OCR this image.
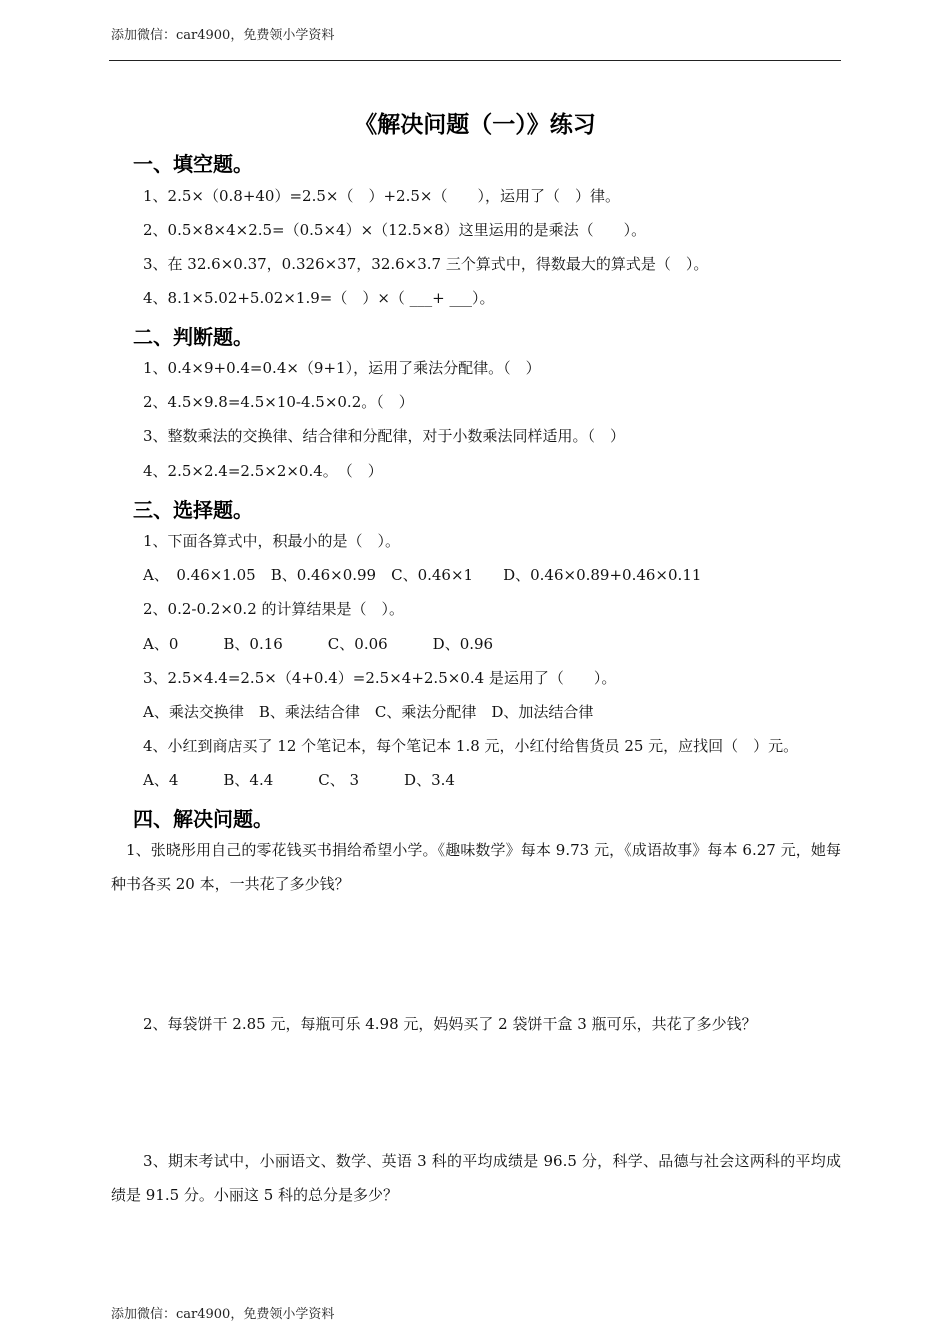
添加微信：car4900，免费领小学资料
《解决问题（一）》练习
一、填空题。
1、2.5×（0.8+40）=2.5×（　）+2.5×（　　），运用了（　）律。
2、0.5×8×4×2.5=（0.5×4）×（12.5×8）这里运用的是乘法（　　）。
3、在 32.6×0.37，0.326×37，32.6×3.7 三个算式中，得数最大的算式是（　）。
4、8.1×5.02+5.02×1.9=（　）×（ ___+ ___）。
二、判断题。
1、0.4×9+0.4=0.4×（9+1），运用了乘法分配律。（　）
2、4.5×9.8=4.5×10-4.5×0.2。（　）
3、整数乘法的交换律、结合律和分配律，对于小数乘法同样适用。（　）
4、2.5×2.4=2.5×2×0.4。　（　）
三、选择题。
1、下面各算式中，积最小的是（　）。
A、　0.46×1.05　B、0.46×0.99　C、0.46×1　　D、0.46×0.89+0.46×0.11
2、0.2-0.2×0.2 的计算结果是（　）。
A、0　　　B、0.16　　　C、0.06　　　D、0.96
3、2.5×4.4=2.5×（4+0.4）=2.5×4+2.5×0.4 是运用了（　　）。
A、乘法交换律　B、乘法结合律　C、乘法分配律　D、加法结合律
4、小红到商店买了 12 个笔记本，每个笔记本 1.8 元，小红付给售货员 25 元，应找回（　）元。
A、4　　　B、4.4　　　C、 3　　　D、3.4
四、解决问题。
1、张晓彤用自己的零花钱买书捐给希望小学。《趣味数学》每本 9.73 元，《成语故事》每本 6.27 元，她每种书各买 20 本，一共花了多少钱？
2、每袋饼干 2.85 元，每瓶可乐 4.98 元，妈妈买了 2 袋饼干盒 3 瓶可乐，共花了多少钱？
3、期末考试中，小丽语文、数学、英语 3 科的平均成绩是 96.5 分，科学、品德与社会这两科的平均成绩是 91.5 分。小丽这 5 科的总分是多少？
添加微信：car4900，免费领小学资料
